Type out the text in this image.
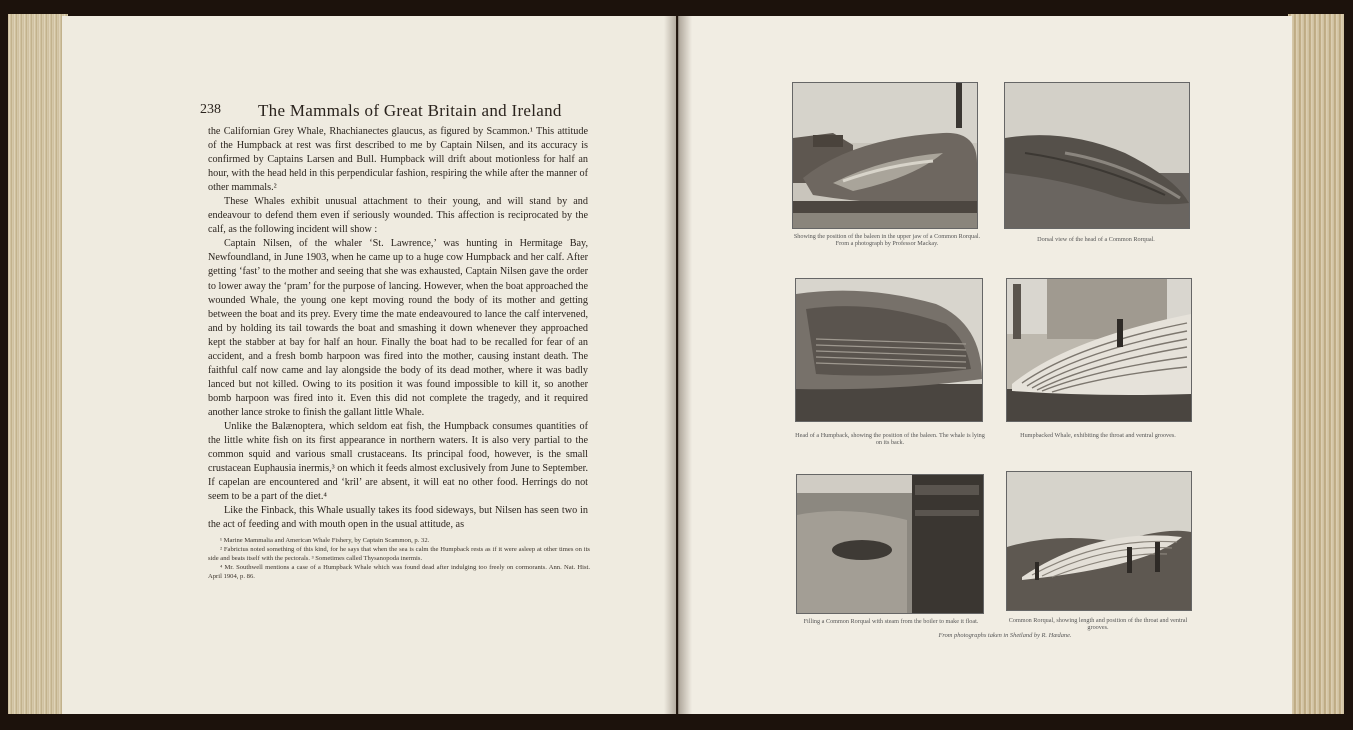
238 The Mammals of Great Britain and Ireland

the Californian Grey Whale, Rhachianectes glaucus, as figured by Scammon.¹ This attitude of the Humpback at rest was first described to me by Captain Nilsen, and its accuracy is confirmed by Captains Larsen and Bull. Humpback will drift about motionless for half an hour, with the head held in this perpendicular fashion, respiring the while after the manner of other mammals.²

These Whales exhibit unusual attachment to their young, and will stand by and endeavour to defend them even if seriously wounded. This affection is reciprocated by the calf, as the following incident will show :

Captain Nilsen, of the whaler ‘St. Lawrence,’ was hunting in Hermitage Bay, Newfoundland, in June 1903, when he came up to a huge cow Humpback and her calf. After getting ‘fast’ to the mother and seeing that she was exhausted, Captain Nilsen gave the order to lower away the ‘pram’ for the purpose of lancing. However, when the boat approached the wounded Whale, the young one kept moving round the body of its mother and getting between the boat and its prey. Every time the mate endeavoured to lance the calf intervened, and by holding its tail towards the boat and smashing it down whenever they approached kept the stabber at bay for half an hour. Finally the boat had to be recalled for fear of an accident, and a fresh bomb harpoon was fired into the mother, causing instant death. The faithful calf now came and lay alongside the body of its dead mother, where it was badly lanced but not killed. Owing to its position it was found impossible to kill it, so another bomb harpoon was fired into it. Even this did not complete the tragedy, and it required another lance stroke to finish the gallant little Whale.

Unlike the Balænoptera, which seldom eat fish, the Humpback consumes quantities of the little white fish on its first appearance in northern waters. It is also very partial to the common squid and various small crustaceans. Its principal food, however, is the small crustacean Euphausia inermis,³ on which it feeds almost exclusively from June to September. If capelan are encountered and ‘kril’ are absent, it will eat no other food. Herrings do not seem to be a part of the diet.⁴

Like the Finback, this Whale usually takes its food sideways, but Nilsen has seen two in the act of feeding and with mouth open in the usual attitude, as

¹ Marine Mammalia and American Whale Fishery, by Captain Scammon, p. 32.

² Fabricius noted something of this kind, for he says that when the sea is calm the Humpback rests as if it were asleep at other times on its side and beats itself with the pectorals. ³ Sometimes called Thysanopoda inermis.

⁴ Mr. Southwell mentions a case of a Humpback Whale which was found dead after indulging too freely on cormorants. Ann. Nat. Hist. April 1904, p. 86.

Showing the position of the baleen in the upper jaw of a Common Rorqual. From a photograph by Professor Mackay.
Dorsal view of the head of a Common Rorqual.
Head of a Humpback, showing the position of the baleen. The whale is lying on its back.
Humpbacked Whale, exhibiting the throat and ventral grooves.
Filling a Common Rorqual with steam from the boiler to make it float.	Common Rorqual, showing length and position of the throat and ventral grooves.
From photographs taken in Shetland by R. Hædane.
